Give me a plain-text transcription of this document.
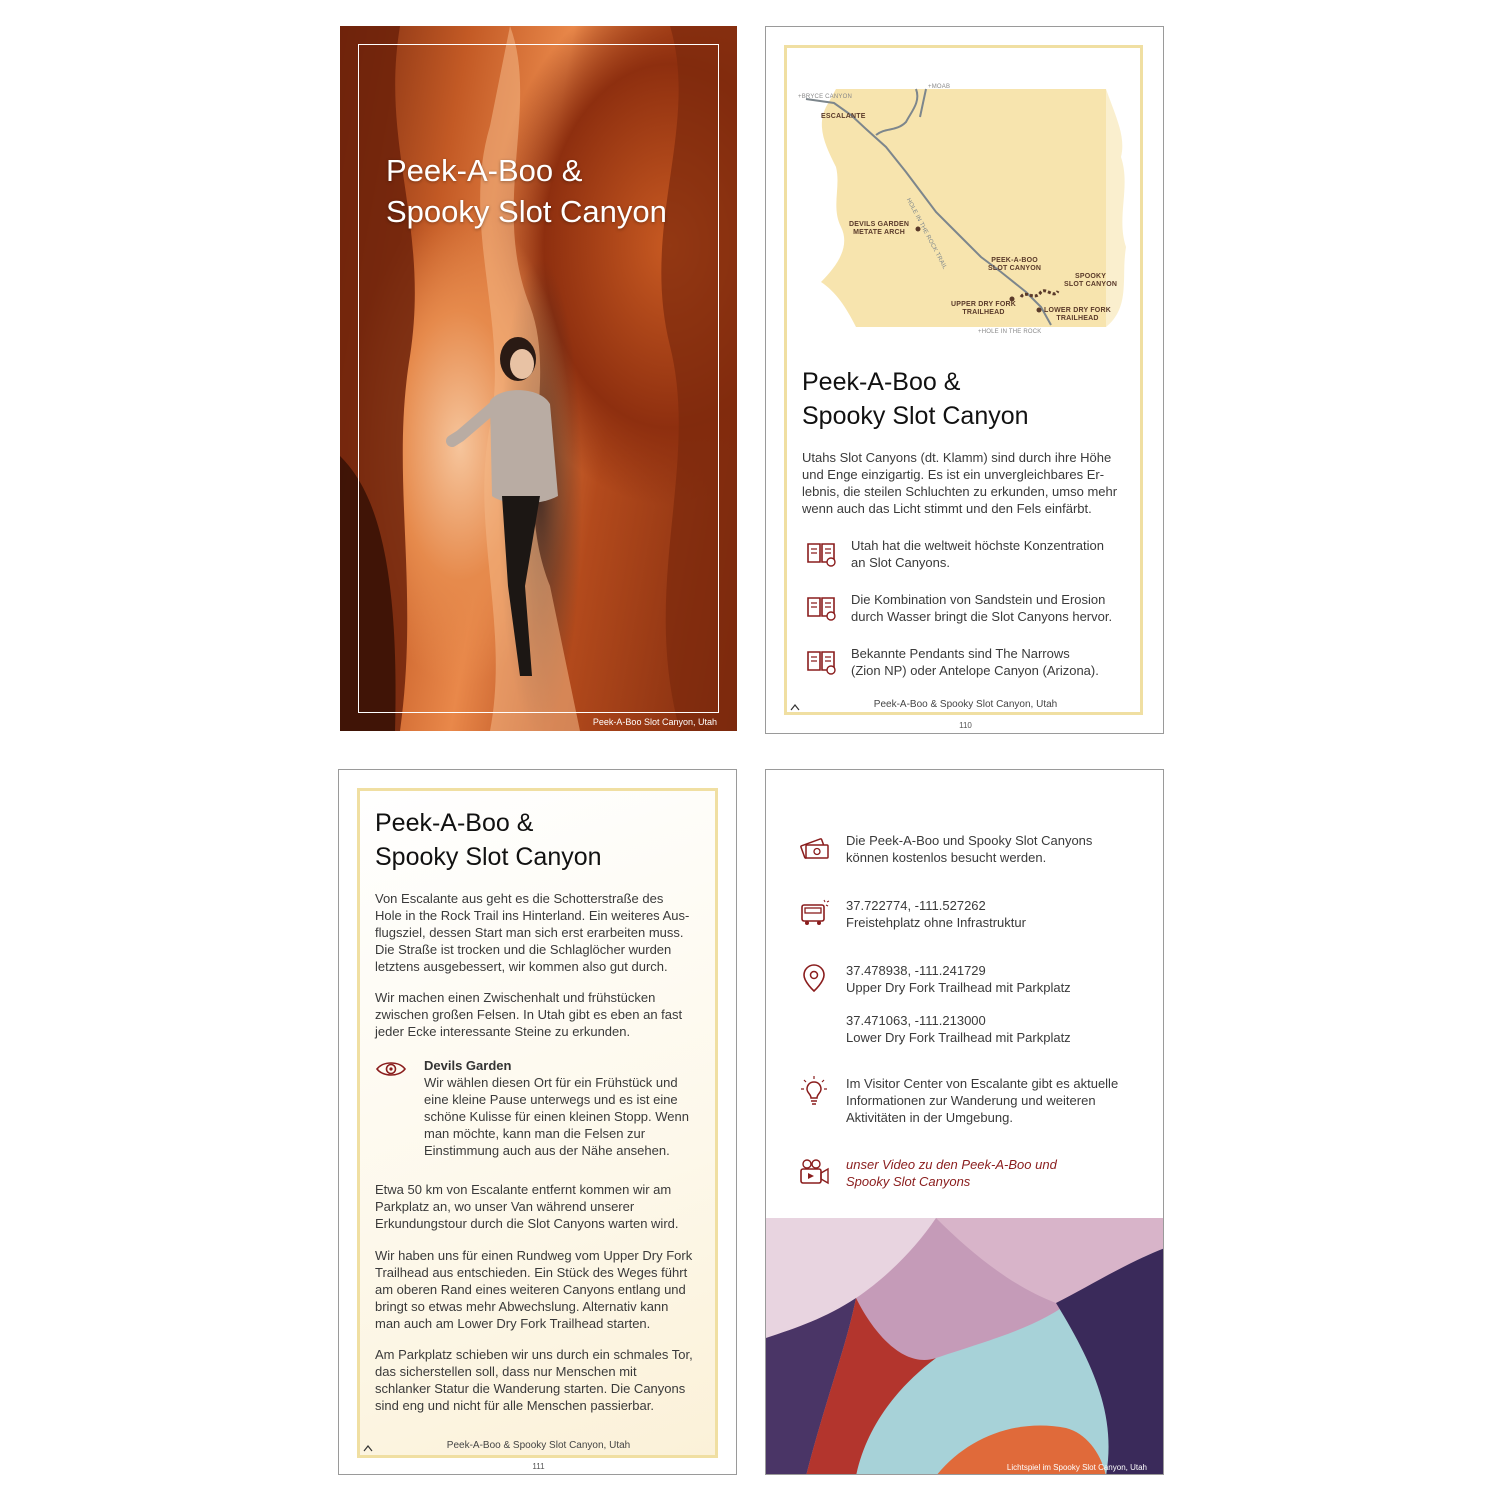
Peek-A-Boo &
Spooky Slot Canyon
Peek-A-Boo Slot Canyon, Utah
+BRYCE CANYON
+MOAB
ESCALANTE
HOLE IN THE ROCK TRAIL
DEVILS GARDEN
METATE ARCH
PEEK-A-BOO
SLOT CANYON
SPOOKY
SLOT CANYON
UPPER DRY FORK
TRAILHEAD	LOWER DRY FORK
TRAILHEAD
+HOLE IN THE ROCK
Peek-A-Boo &
Spooky Slot Canyon
Utahs Slot Canyons (dt. Klamm) sind durch ihre Höhe
und Enge einzigartig. Es ist ein unvergleichbares Er-
lebnis, die steilen Schluchten zu erkunden, umso mehr
wenn auch das Licht stimmt und den Fels einfärbt.
Utah hat die weltweit höchste Konzentration
an Slot Canyons.
Die Kombination von Sandstein und Erosion
durch Wasser bringt die Slot Canyons hervor.
Bekannte Pendants sind The Narrows
(Zion NP) oder Antelope Canyon (Arizona).
Peek-A-Boo & Spooky Slot Canyon, Utah
110
Peek-A-Boo &
Spooky Slot Canyon
Von Escalante aus geht es die Schotterstraße des
Hole in the Rock Trail ins Hinterland. Ein weiteres Aus-
flugsziel, dessen Start man sich erst erarbeiten muss.
Die Straße ist trocken und die Schlaglöcher wurden
letztens ausgebessert, wir kommen also gut durch.
Wir machen einen Zwischenhalt und frühstücken
zwischen großen Felsen. In Utah gibt es eben an fast
jeder Ecke interessante Steine zu erkunden.
Devils Garden
Wir wählen diesen Ort für ein Frühstück und
eine kleine Pause unterwegs und es ist eine
schöne Kulisse für einen kleinen Stopp. Wenn
man möchte, kann man die Felsen zur
Einstimmung auch aus der Nähe ansehen.
Etwa 50 km von Escalante entfernt kommen wir am
Parkplatz an, wo unser Van während unserer
Erkundungstour durch die Slot Canyons warten wird.
Wir haben uns für einen Rundweg vom Upper Dry Fork
Trailhead aus entschieden. Ein Stück des Weges führt
am oberen Rand eines weiteren Canyons entlang und
bringt so etwas mehr Abwechslung. Alternativ kann
man auch am Lower Dry Fork Trailhead starten.
Am Parkplatz schieben wir uns durch ein schmales Tor,
das sicherstellen soll, dass nur Menschen mit
schlanker Statur die Wanderung starten. Die Canyons
sind eng und nicht für alle Menschen passierbar.
Peek-A-Boo & Spooky Slot Canyon, Utah
111
Die Peek-A-Boo und Spooky Slot Canyons
können kostenlos besucht werden.
37.722774, -111.527262
Freistehplatz ohne Infrastruktur
37.478938, -111.241729
Upper Dry Fork Trailhead mit Parkplatz
37.471063, -111.213000
Lower Dry Fork Trailhead mit Parkplatz
Im Visitor Center von Escalante gibt es aktuelle
Informationen zur Wanderung und weiteren
Aktivitäten in der Umgebung.
unser Video zu den Peek-A-Boo und
Spooky Slot Canyons
Lichtspiel im Spooky Slot Canyon, Utah
